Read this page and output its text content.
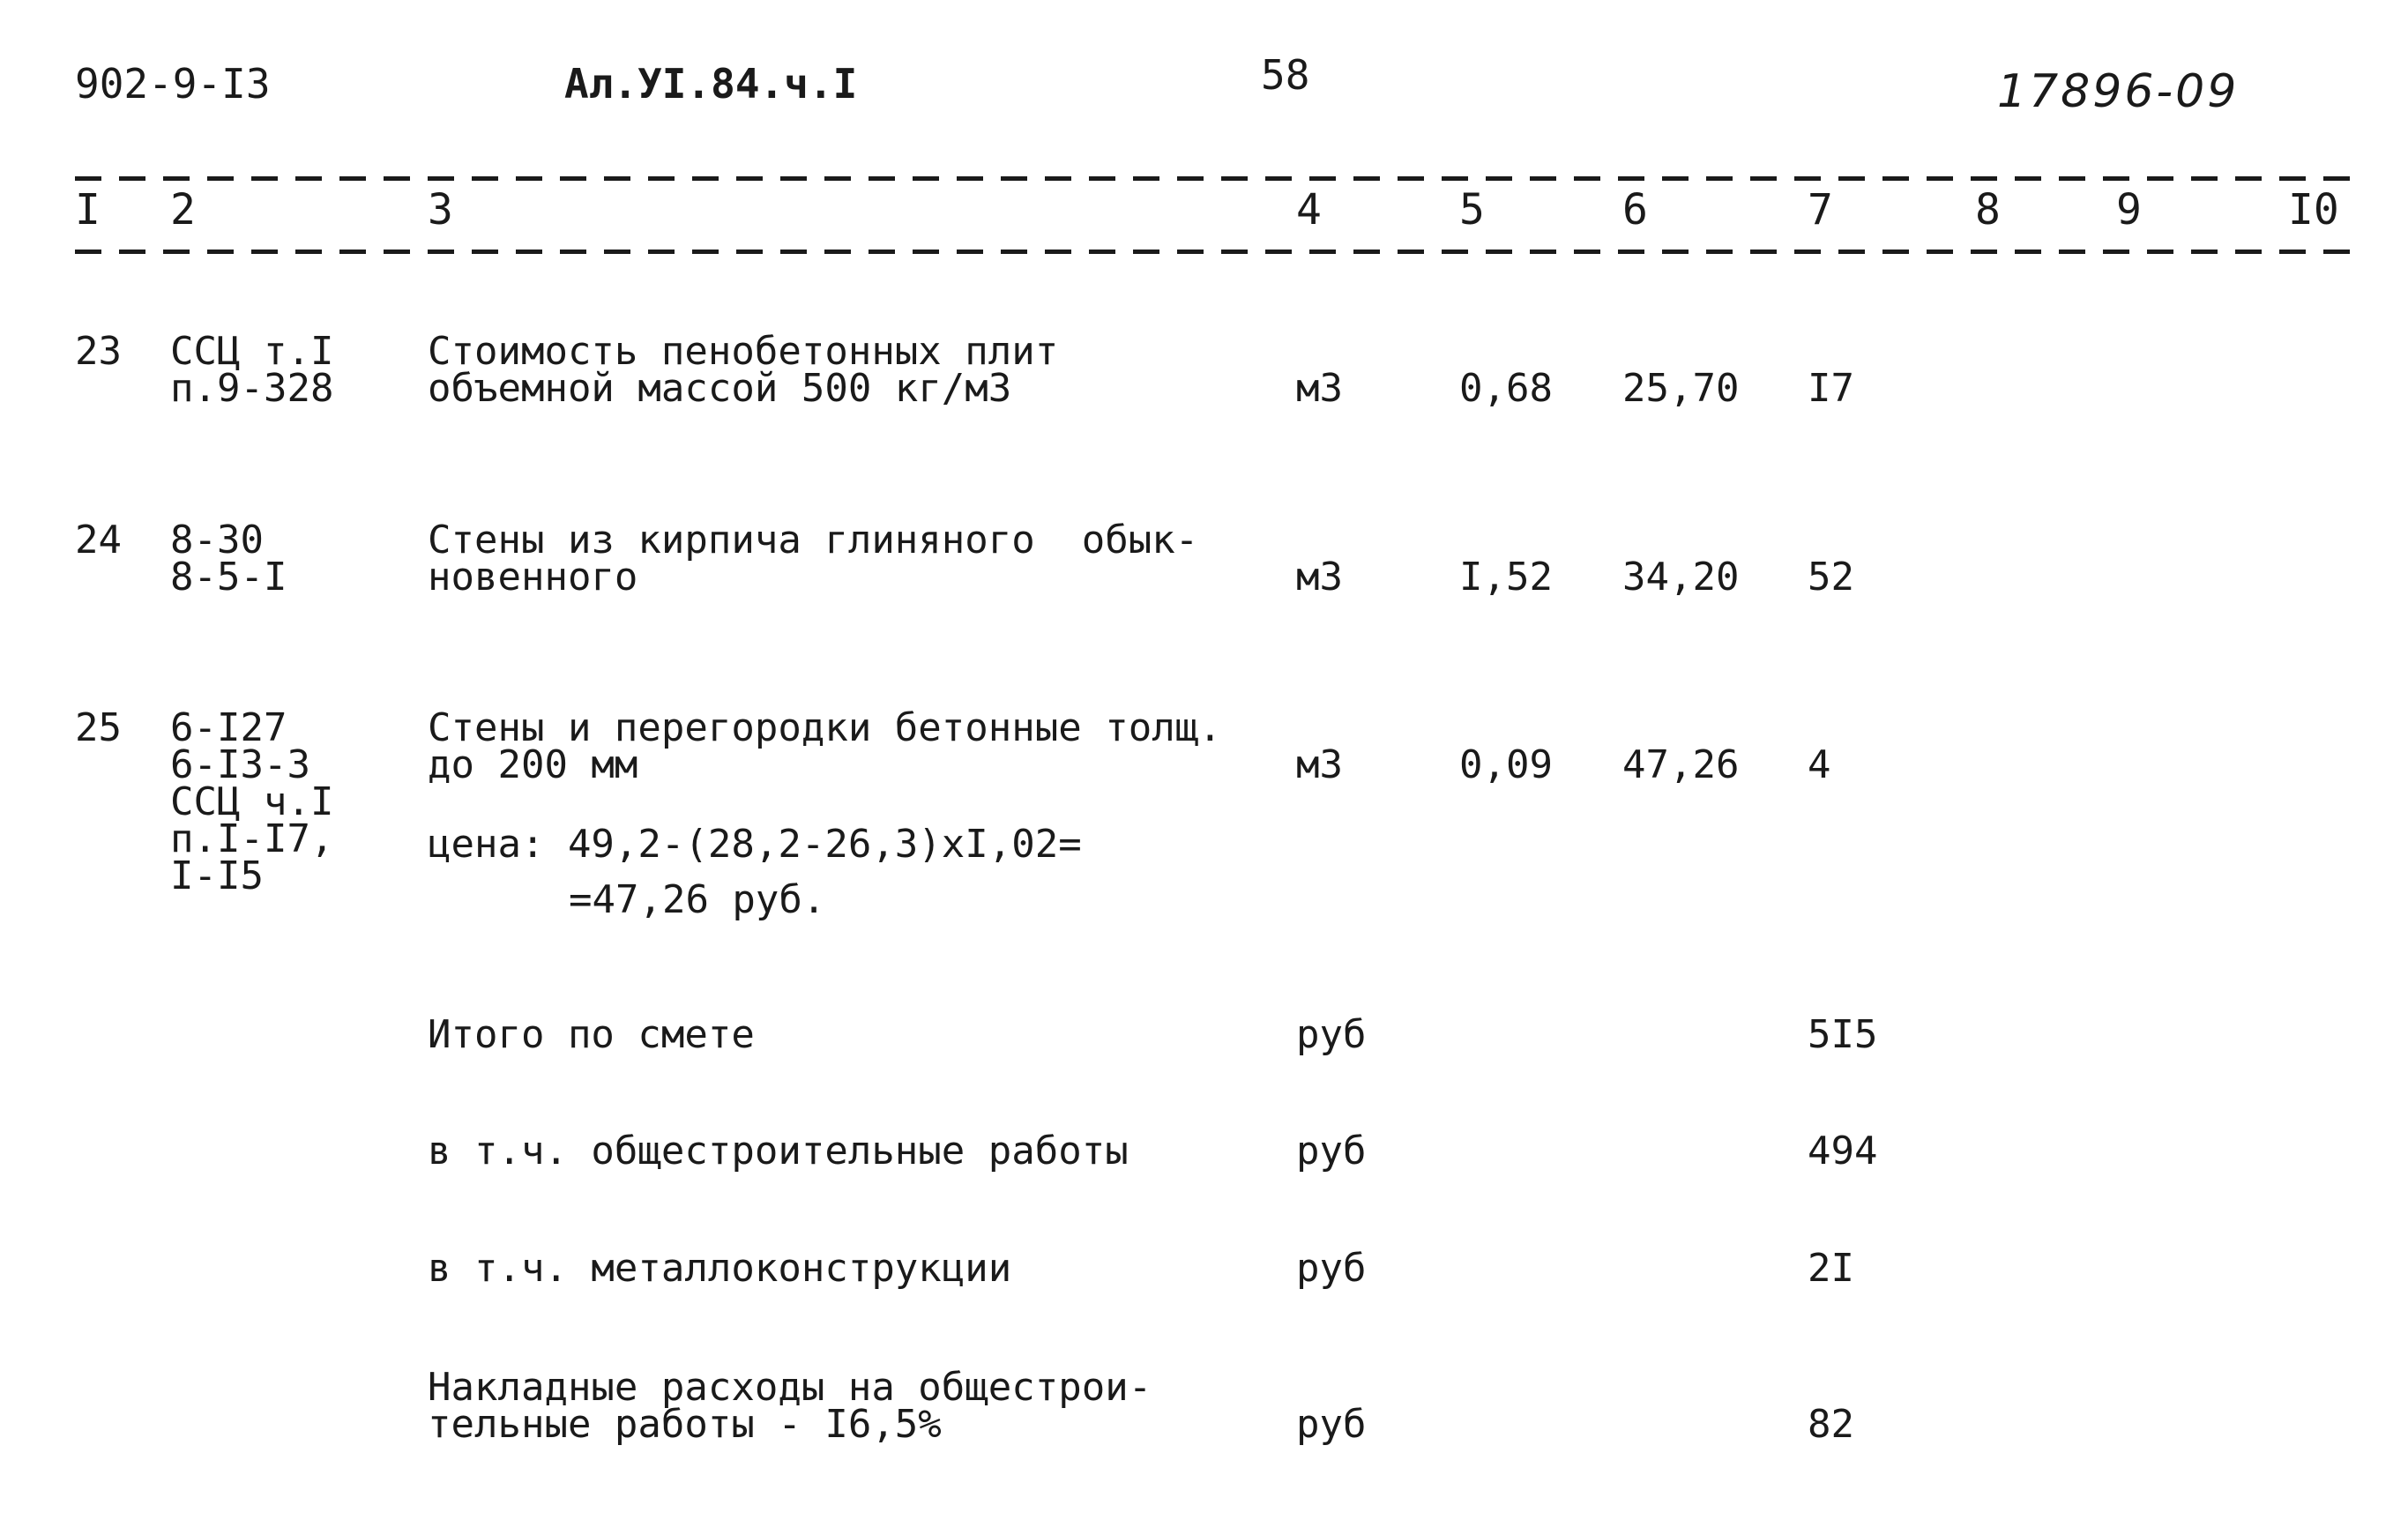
902-9-I3	Ал.УI.84.ч.I	58	17896-09
I 2	3	4	5	6	7	8	9	I0
23 ССЦ т.I
п.9-328
Стоимость пенобетонных плит
объемной массой 500 кг/м3	м3	0,68 25,70 I7
24 8-30
8-5-I
Стены из кирпича глиняного  обык-
новенного	м3	I,52 34,20 52
25 6-I27
6-I3-3
ССЦ ч.I
п.I-I7,
I-I5
Стены и перегородки бетонные толщ.
до 200 мм	м3	0,09 47,26 4
цена: 49,2-(28,2-26,3)хI,02=
=47,26 руб.
Итого по смете	руб	5I5
в т.ч. общестроительные работы	руб	494
в т.ч. металлоконструкции	руб	2I
Накладные расходы на общестрои-
тельные работы - I6,5%	руб	82
